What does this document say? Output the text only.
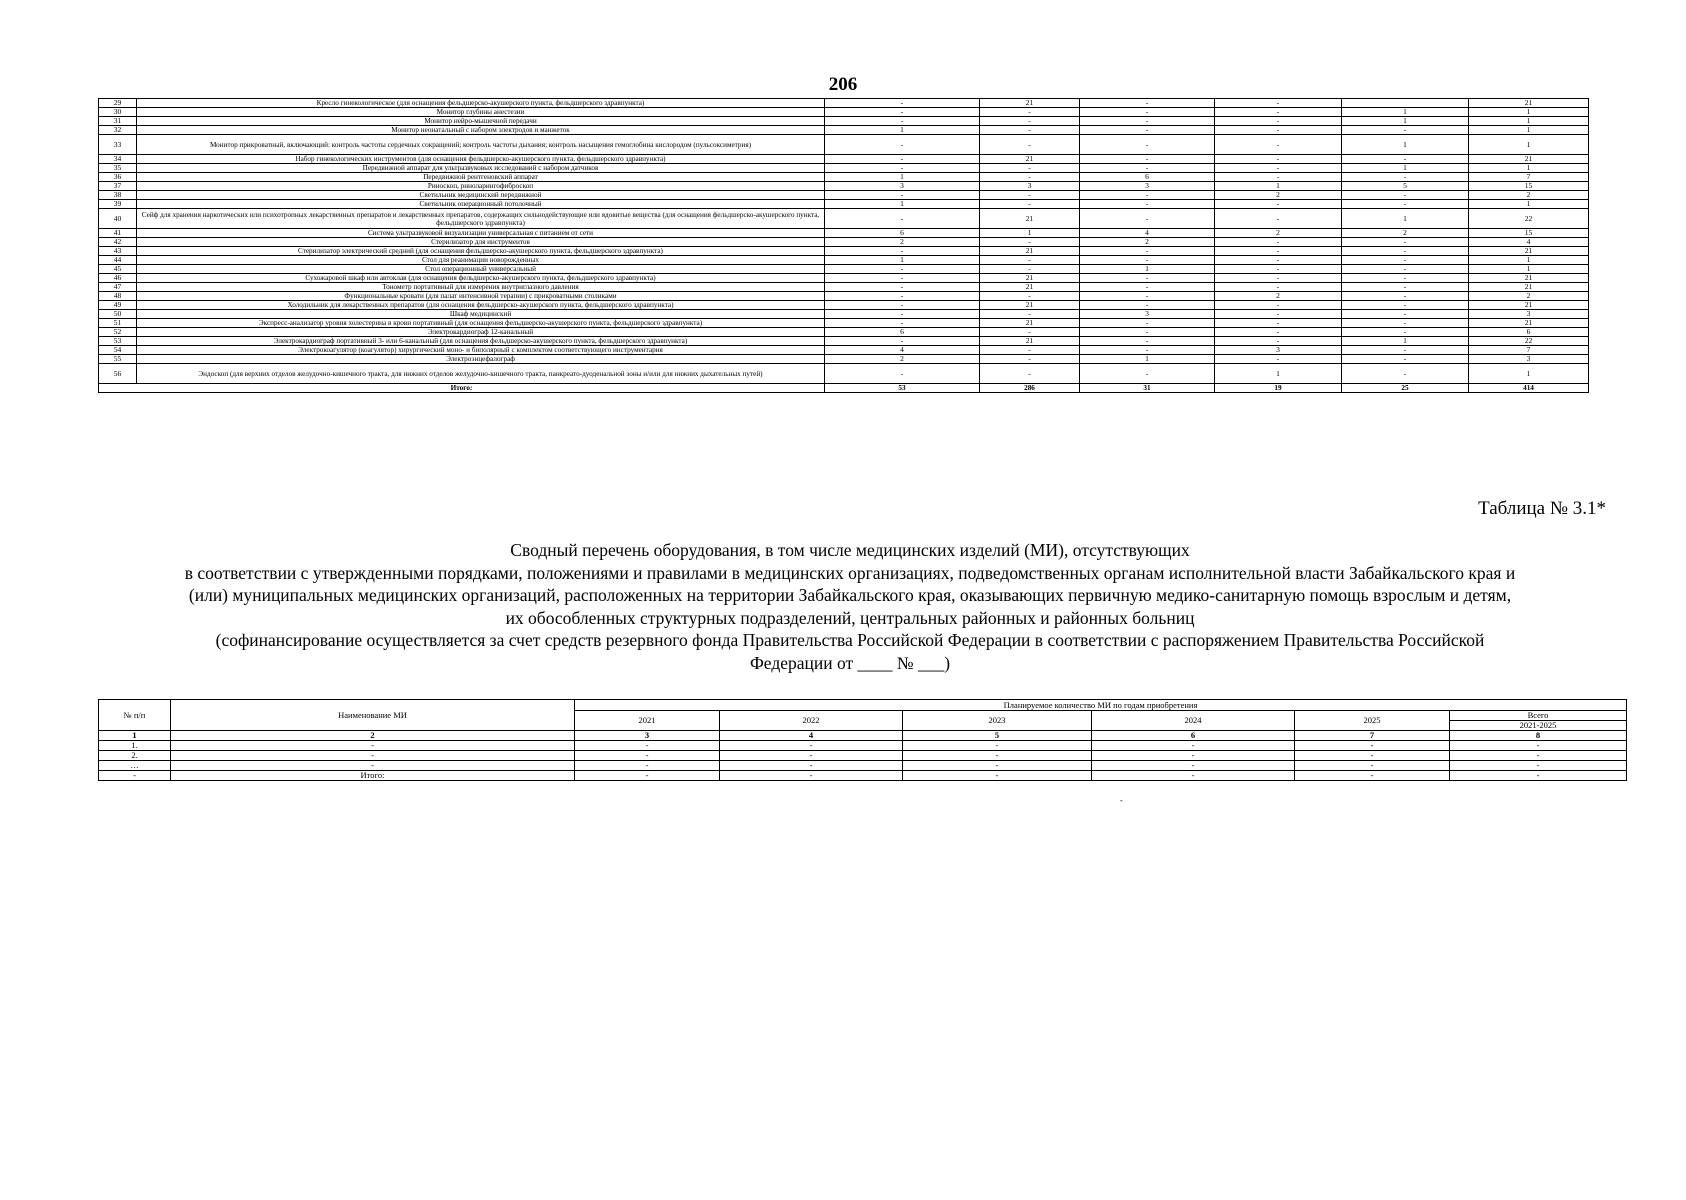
206
29	Кресло гинекологическое (для оснащения фельдшерско-акушерского пункта, фельдшерского здравпункта)	-	21	-	-		21
30	Монитор глубины анестезии	-	-	-	-	1	1
31	Монитор нейро-мышечной передачи	-	-	-	-	1	1
32	Монитор неонатальный с набором электродов и манжеток	1	-	-	-	-	1
33	Монитор прикроватный, включающий: контроль частоты сердечных сокращений; контроль частоты дыхания; контроль насыщения гемоглобина кислородом (пульсоксиметрия)	-	-	-	-	1	1
34	Набор гинекологических инструментов (для оснащения фельдшерско-акушерского пункта, фельдшерского здравпункта)	-	21	-	-	-	21
35	Передвижной аппарат для ультразвуковых исследований с набором датчиков	-	-	-	-	1	1
36	Передвижной рентгеновский аппарат	1	-	6	-	-	7
37	Риноскоп, риноларингофиброскоп	3	3	3	1	5	15
38	Светильник медицинский передвижной	-	-	-	2	-	2
39	Светильник операционный потолочный	1	-	-	-	-	1
40	Сейф для хранения наркотических или психотропных лекарственных препаратов и лекарственных препаратов, содержащих сильнодействующие или ядовитые вещества (для оснащения фельдшерско-акушерского пункта, фельдшерского здравпункта)	-	21	-	-	1	22
41	Система ультразвуковой визуализации универсальная с питанием от сети	6	1	4	2	2	15
42	Стерилизатор для инструментов	2	-	2	-	-	4
43	Стерилизатор электрический средний (для оснащения фельдшерско-акушерского пункта, фельдшерского здравпункта)	-	21	-	-	-	21
44	Стол для реанимации новорожденных	1	-	-	-	-	1
45	Стол операционный универсальный	-	-	1	-	-	1
46	Сухожаровой шкаф или автоклав (для оснащения фельдшерско-акушерского пункта, фельдшерского здравпункта)	-	21	-	-	-	21
47	Тонометр портативный для измерения внутриглазного давления	-	21	-	-	-	21
48	Функциональные кровати (для палат интенсивной терапии) с прикроватными столиками	-	-	-	2	-	2
49	Холодильник для лекарственных препаратов (для оснащения фельдшерско-акушерского пункта, фельдшерского здравпункта)	-	21	-	-	-	21
50	Шкаф медицинский	-	-	3	-	-	3
51	Экспресс-анализатор уровня холестерина в крови портативный (для оснащения фельдшерско-акушерского пункта, фельдшерского здравпункта)	-	21	-	-	-	21
52	Электрокардиограф 12-канальный	6	-	-	-	-	6
53	Электрокардиограф портативный 3- или 6-канальный (для оснащения фельдшерско-акушерского пункта, фельдшерского здравпункта)	-	21	-	-	1	22
54	Электрокоагулятор (коагулятор) хирургический моно- и биполярный с комплектом соответствующего инструментария	4	-	-	3	-	7
55	Электроэнцефалограф	2	-	1	-	-	3
56	Эндоскоп (для верхних отделов желудочно-кишечного тракта, для нижних отделов желудочно-кишечного тракта, панкреато-дуоденальной зоны и/или для нижних дыхательных путей)	-	-	-	1	-	1
Итого:		53	286	31	19	25	414
Таблица № 3.1*
Сводный перечень оборудования, в том числе медицинских изделий (МИ), отсутствующих
в соответствии с утвержденными порядками, положениями и правилами в медицинских организациях, подведомственных органам исполнительной власти Забайкальского края и
(или) муниципальных медицинских организаций, расположенных на территории Забайкальского края, оказывающих первичную медико-санитарную помощь взрослым и детям,
их обособленных структурных подразделений, центральных районных и районных больниц
(софинансирование осуществляется за счет средств резервного фонда Правительства Российской Федерации в соответствии с распоряжением Правительства Российской
Федерации от ____ № ___)
№ п/п	Наименование МИ	Планируемое количество МИ по годам приобретения					
		2021	2022	2023	2024	2025	Всего
							2021-2025
1	2	3	4	5	6	7	8
1.	-	-	-	-	-	-	-
2.	-	-	-	-	-	-	-
…	-	-	-	-	-	-	-
-	Итого:	-	-	-	-	-	-
-
